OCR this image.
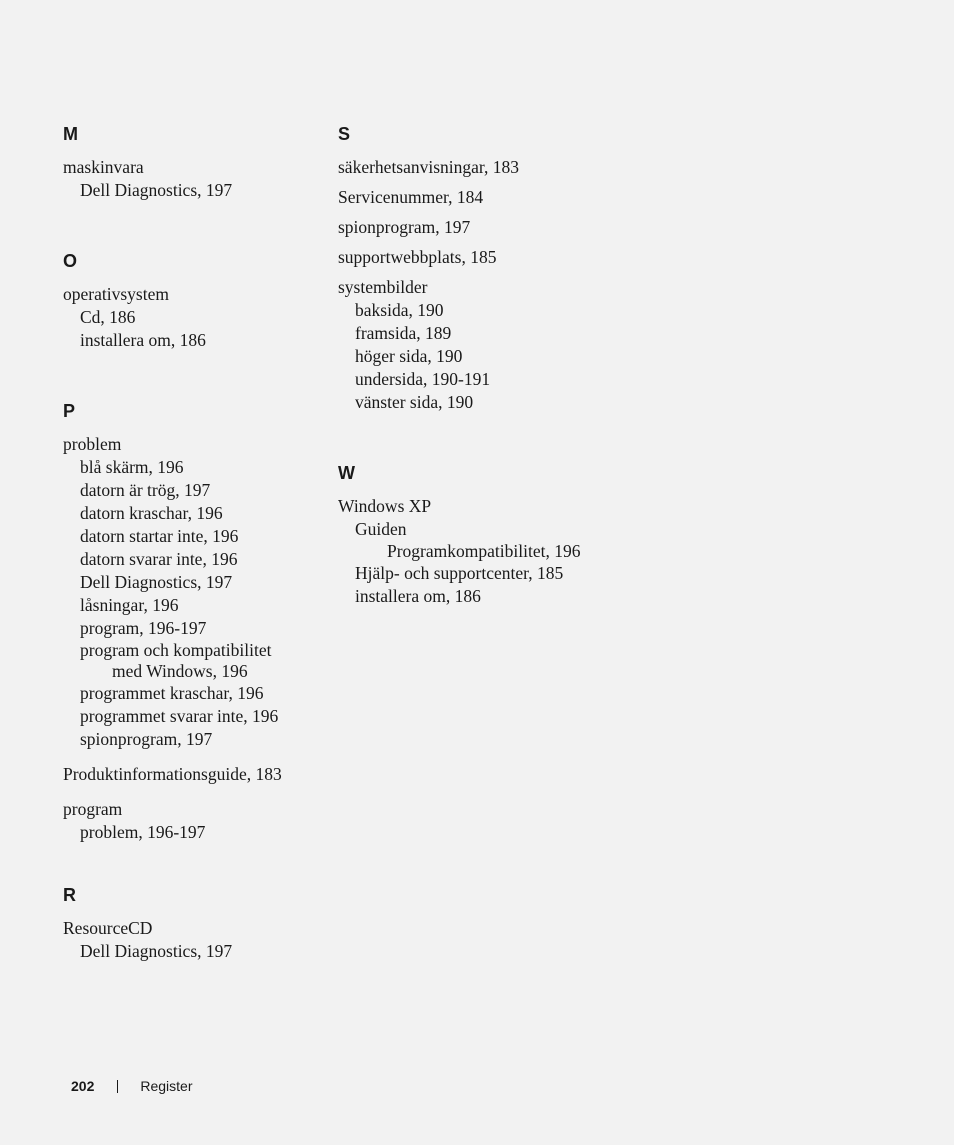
M
maskinvara
Dell Diagnostics, 197
O
operativsystem
Cd, 186
installera om, 186
P
problem
blå skärm, 196
datorn är trög, 197
datorn kraschar, 196
datorn startar inte, 196
datorn svarar inte, 196
Dell Diagnostics, 197
låsningar, 196
program, 196-197
program och kompatibilitet
med Windows, 196
programmet kraschar, 196
programmet svarar inte, 196
spionprogram, 197
Produktinformationsguide, 183
program
problem, 196-197
R
ResourceCD
Dell Diagnostics, 197
S
säkerhetsanvisningar, 183
Servicenummer, 184
spionprogram, 197
supportwebbplats, 185
systembilder
baksida, 190
framsida, 189
höger sida, 190
undersida, 190-191
vänster sida, 190
W
Windows XP
Guiden
Programkompatibilitet, 196
Hjälp- och supportcenter, 185
installera om, 186
202	Register
